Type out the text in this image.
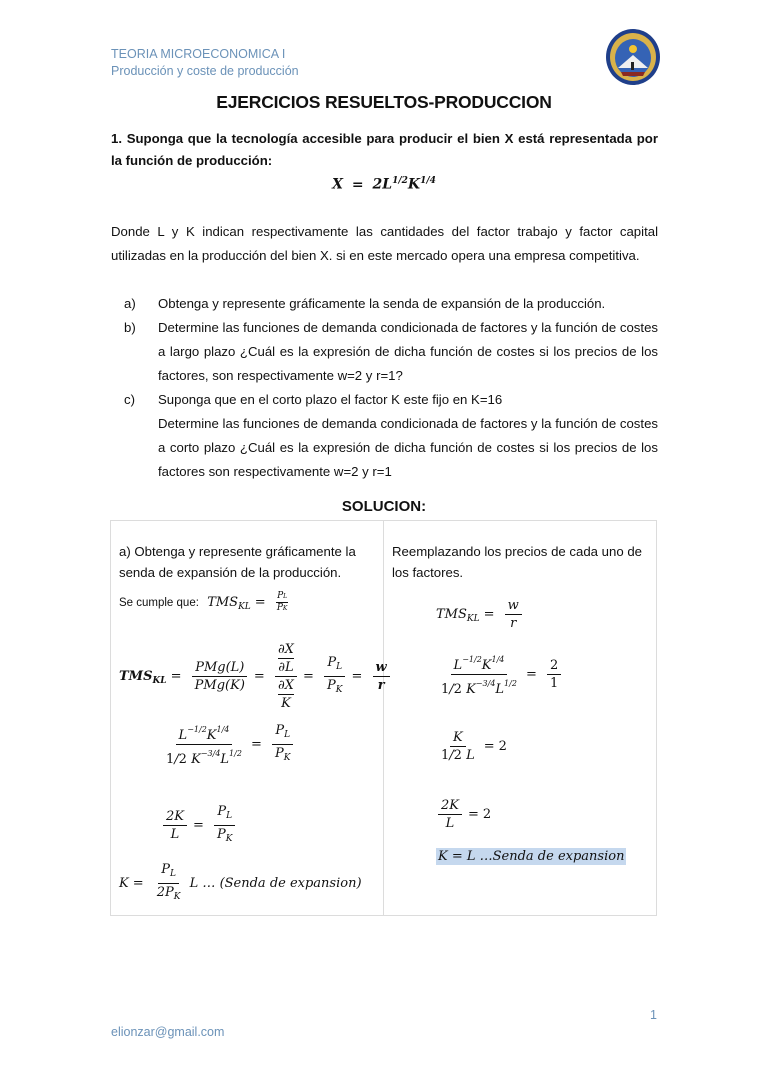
TEORIA MICROECONOMICA I
Producción y coste de producción
EJERCICIOS RESUELTOS-PRODUCCION
1. Suponga que la tecnología accesible para producir el bien X está representada por la función de producción:
$X = 2L^{1/2}K^{1/4}$
Donde L y K indican respectivamente las cantidades del factor trabajo y factor capital utilizadas en la producción del bien X. si en este mercado opera una empresa competitiva.
a)	Obtenga y represente gráficamente la senda de expansión de la producción.
b)	Determine las funciones de demanda condicionada de factores y la función de costes a largo plazo ¿Cuál es la expresión de dicha función de costes si los precios de los factores, son respectivamente w=2 y r=1?
c)	Suponga que en el corto plazo el factor K este fijo en K=16
Determine las funciones de demanda condicionada de factores y la función de costes a corto plazo ¿Cuál es la expresión de dicha función de costes si los precios de los factores son respectivamente w=2 y r=1
SOLUCION:
a) Obtenga y represente gráficamente la senda de expansión de la producción.
Se cumple que: $TMS_{KL} = \frac{PL}{PK}$
$TMS_{KL} = \frac{\text{PMg(L)}}{\text{PMg(K)}} = \partial X$
∂L
∂X
$K = \frac{P_L}{P_K} = \frac{w}{r}$
$\frac{L^{-1/2}K^{1/4}}{1/2 K^{-3/4}L^{1/2}} = \frac{P_L}{P_K}$
$\frac{2K}{L} = \frac{P_L}{P_K}$
$K = \frac{P_L}{2P_K}$ L … (Senda de expansion)
Reemplazando los precios de cada uno de los factores.
$TMS_{KL} = \frac{w}{r}$
$\frac{L^{-1/2}K^{1/4}}{1/2 K^{-3/4}L^{1/2}} = \frac{2}{1}$
$\frac{K}{1/2 L} = 2$
$\frac{2K}{L} = 2$
K = L …Senda de expansion
1
elionzar@gmail.com
